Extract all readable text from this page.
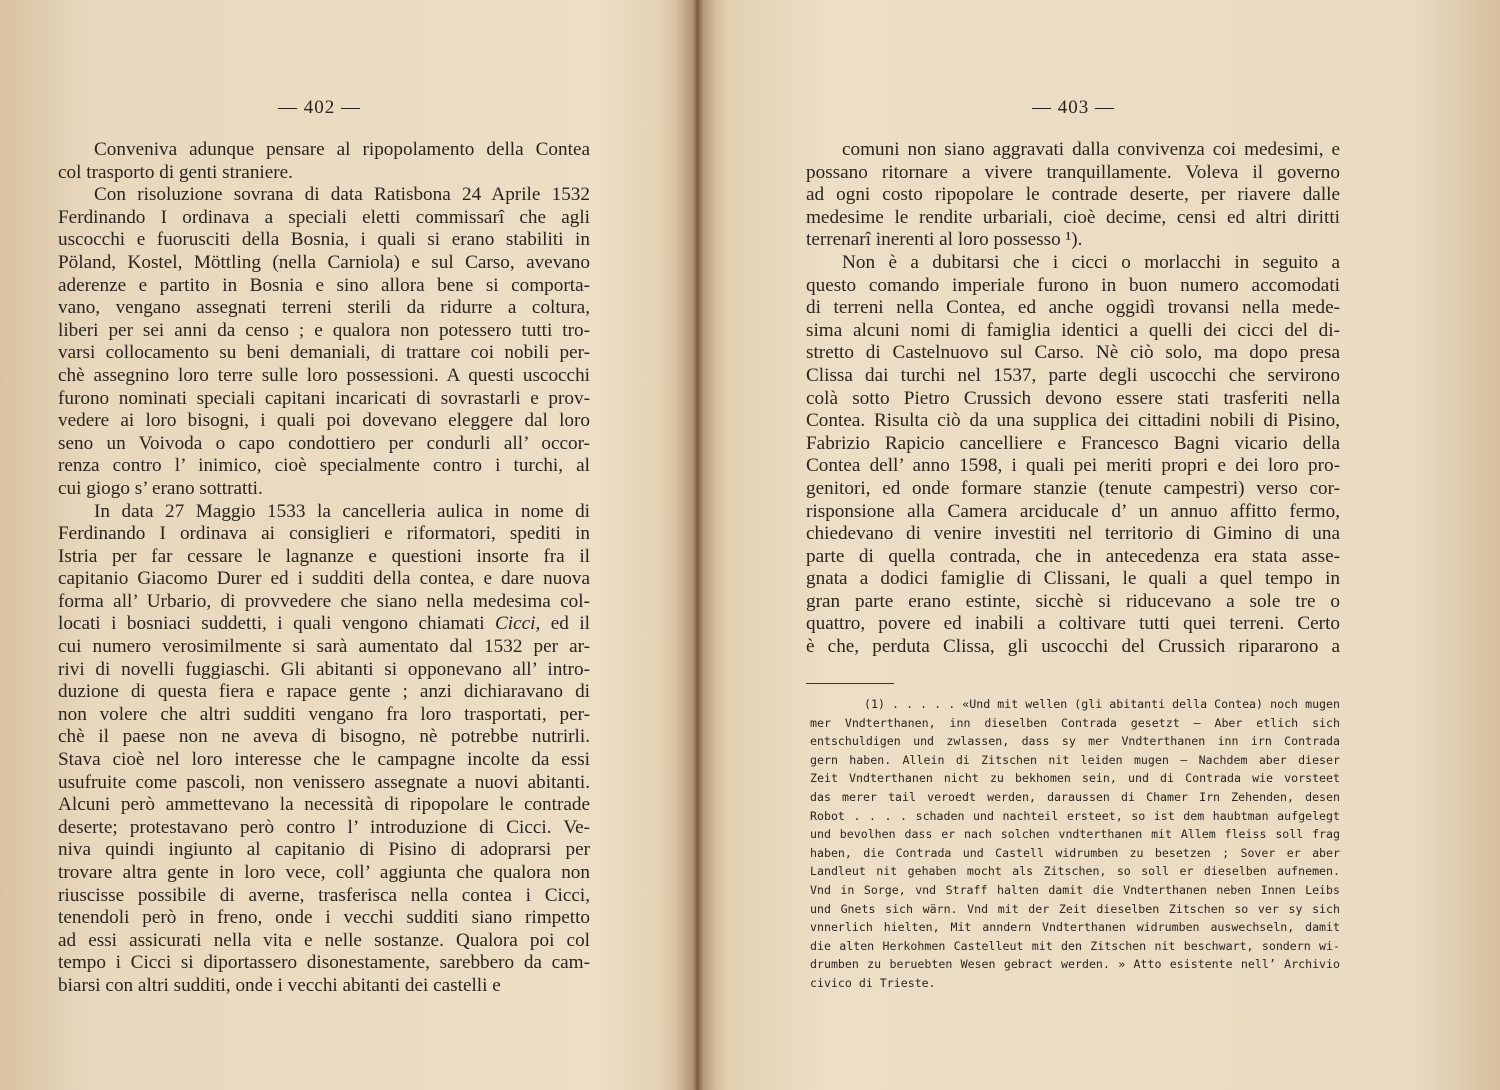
— 402 —
Conveniva adunque pensare al ripopolamento della Contea
col trasporto di genti straniere.
Con risoluzione sovrana di data Ratisbona 24 Aprile 1532
Ferdinando I ordinava a speciali eletti commissarî che agli
uscocchi e fuorusciti della Bosnia, i quali si erano stabiliti in
Pöland, Kostel, Möttling (nella Carniola) e sul Carso, avevano
aderenze e partito in Bosnia e sino allora bene si comporta-
vano, vengano assegnati terreni sterili da ridurre a coltura,
liberi per sei anni da censo ; e qualora non potessero tutti tro-
varsi collocamento su beni demaniali, di trattare coi nobili per-
chè assegnino loro terre sulle loro possessioni. A questi uscocchi
furono nominati speciali capitani incaricati di sovrastarli e prov-
vedere ai loro bisogni, i quali poi dovevano eleggere dal loro
seno un Voivoda o capo condottiero per condurli all’ occor-
renza contro l’ inimico, cioè specialmente contro i turchi, al
cui giogo s’ erano sottratti.
In data 27 Maggio 1533 la cancelleria aulica in nome di
Ferdinando I ordinava ai consiglieri e riformatori, spediti in
Istria per far cessare le lagnanze e questioni insorte fra il
capitanio Giacomo Durer ed i sudditi della contea, e dare nuova
forma all’ Urbario, di provvedere che siano nella medesima col-
locati i bosniaci suddetti, i quali vengono chiamati Cicci, ed il
cui numero verosimilmente si sarà aumentato dal 1532 per ar-
rivi di novelli fuggiaschi. Gli abitanti si opponevano all’ intro-
duzione di questa fiera e rapace gente ; anzi dichiaravano di
non volere che altri sudditi vengano fra loro trasportati, per-
chè il paese non ne aveva di bisogno, nè potrebbe nutrirli.
Stava cioè nel loro interesse che le campagne incolte da essi
usufruite come pascoli, non venissero assegnate a nuovi abitanti.
Alcuni però ammettevano la necessità di ripopolare le contrade
deserte; protestavano però contro l’ introduzione di Cicci. Ve-
niva quindi ingiunto al capitanio di Pisino di adoprarsi per
trovare altra gente in loro vece, coll’ aggiunta che qualora non
riuscisse possibile di averne, trasferisca nella contea i Cicci,
tenendoli però in freno, onde i vecchi sudditi siano rimpetto
ad essi assicurati nella vita e nelle sostanze. Qualora poi col
tempo i Cicci si diportassero disonestamente, sarebbero da cam-
biarsi con altri sudditi, onde i vecchi abitanti dei castelli e
— 403 —
comuni non siano aggravati dalla convivenza coi medesimi, e
possano ritornare a vivere tranquillamente. Voleva il governo
ad ogni costo ripopolare le contrade deserte, per riavere dalle
medesime le rendite urbariali, cioè decime, censi ed altri diritti
terrenarî inerenti al loro possesso ¹).
Non è a dubitarsi che i cicci o morlacchi in seguito a
questo comando imperiale furono in buon numero accomodati
di terreni nella Contea, ed anche oggidì trovansi nella mede-
sima alcuni nomi di famiglia identici a quelli dei cicci del di-
stretto di Castelnuovo sul Carso. Nè ciò solo, ma dopo presa
Clissa dai turchi nel 1537, parte degli uscocchi che servirono
colà sotto Pietro Crussich devono essere stati trasferiti nella
Contea. Risulta ciò da una supplica dei cittadini nobili di Pisino,
Fabrizio Rapicio cancelliere e Francesco Bagni vicario della
Contea dell’ anno 1598, i quali pei meriti propri e dei loro pro-
genitori, ed onde formare stanzie (tenute campestri) verso cor-
risponsione alla Camera arciducale d’ un annuo affitto fermo,
chiedevano di venire investiti nel territorio di Gimino di una
parte di quella contrada, che in antecedenza era stata asse-
gnata a dodici famiglie di Clissani, le quali a quel tempo in
gran parte erano estinte, sicchè si riducevano a sole tre o
quattro, povere ed inabili a coltivare tutti quei terreni. Certo
è che, perduta Clissa, gli uscocchi del Crussich ripararono a
(1) . . . . . «Und mit wellen (gli abitanti della Contea) noch mugen
mer Vndterthanen, inn dieselben Contrada gesetzt — Aber etlich sich
entschuldigen und zwlassen, dass sy mer Vndterthanen inn irn Contrada
gern haben. Allein di Zitschen nit leiden mugen — Nachdem aber dieser
Zeit Vndterthanen nicht zu bekhomen sein, und di Contrada wie vorsteet
das merer tail veroedt werden, daraussen di Chamer Irn Zehenden, desen
Robot . . . . schaden und nachteil ersteet, so ist dem haubtman aufgelegt
und bevolhen dass er nach solchen vndterthanen mit Allem fleiss soll frag
haben, die Contrada und Castell widrumben zu besetzen ; Sover er aber
Landleut nit gehaben mocht als Zitschen, so soll er dieselben aufnemen.
Vnd in Sorge, vnd Straff halten damit die Vndterthanen neben Innen Leibs
und Gnets sich wärn. Vnd mit der Zeit dieselben Zitschen so ver sy sich
vnnerlich hielten, Mit anndern Vndterthanen widrumben auswechseln, damit
die alten Herkohmen Castelleut mit den Zitschen nit beschwart, sondern wi-
drumben zu beruebten Wesen gebract werden. » Atto esistente nell’ Archivio
civico di Trieste.
